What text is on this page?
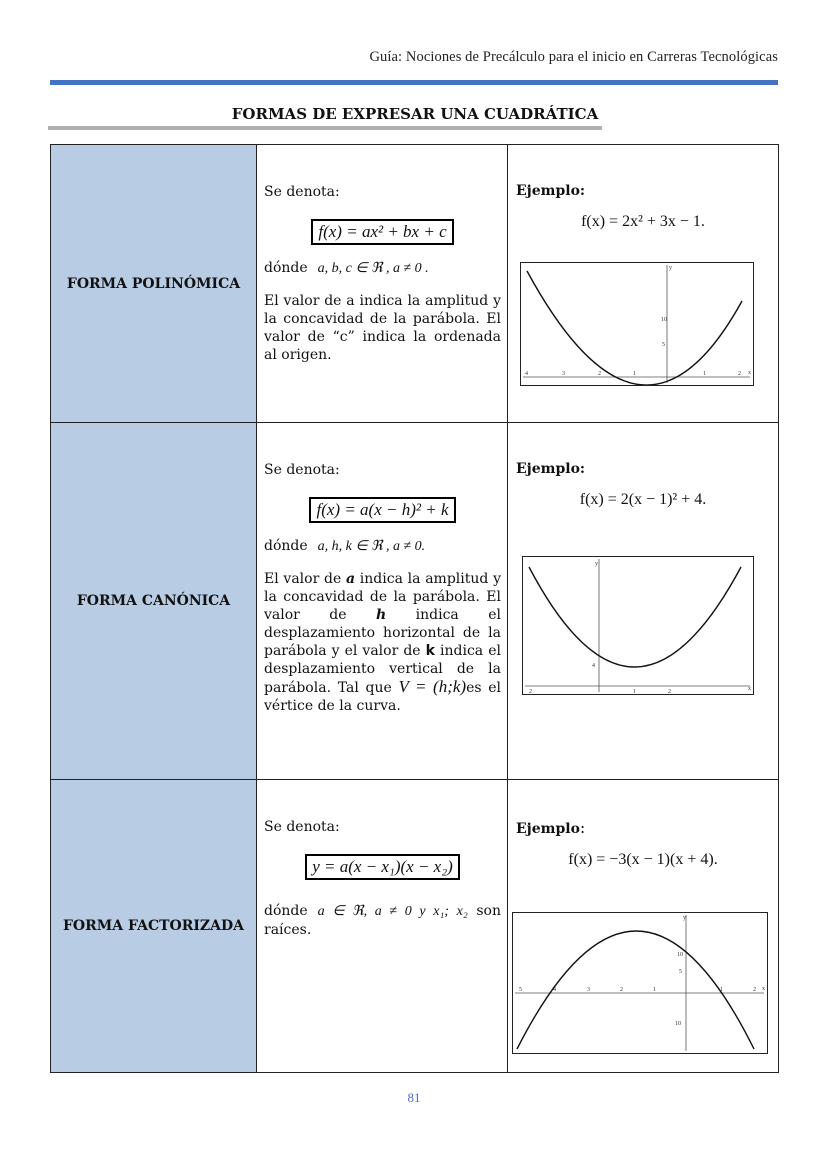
Guía: Nociones de Precálculo para el inicio en Carreras Tecnológicas
FORMAS DE EXPRESAR UNA CUADRÁTICA
FORMA POLINÓMICA

Se denota:

f(x) = ax² + bx + c

dónde a, b, c ∈ ℜ , a ≠ 0 .

El valor de a indica la amplitud y la concavidad de la parábola. El valor de “c” indica la ordenada al origen.

Ejemplo:
f(x) = 2x² + 3x − 1.
4	3	2	1	1	2
10
5
y
x
FORMA CANÓNICA

Se denota:

f(x) = a(x − h)² + k

dónde a, h, k ∈ ℜ , a ≠ 0.

El valor de a indica la amplitud y la concavidad de la parábola. El valor de h indica el desplazamiento horizontal de la parábola y el valor de k indica el desplazamiento vertical de la parábola. Tal que V = (h;k)es el vértice de la curva.

Ejemplo:
f(x) = 2(x − 1)² + 4.
2	1	2
4
y
x
FORMA FACTORIZADA

Se denota:

y = a(x − x₁)(x − x₂)

dónde a ∈ ℜ, a ≠ 0 y x₁; x₂ son raíces.

Ejemplo:
f(x) = −3(x − 1)(x + 4).
5	4	3	2	1	1	2
10
5
10
y
x
81
